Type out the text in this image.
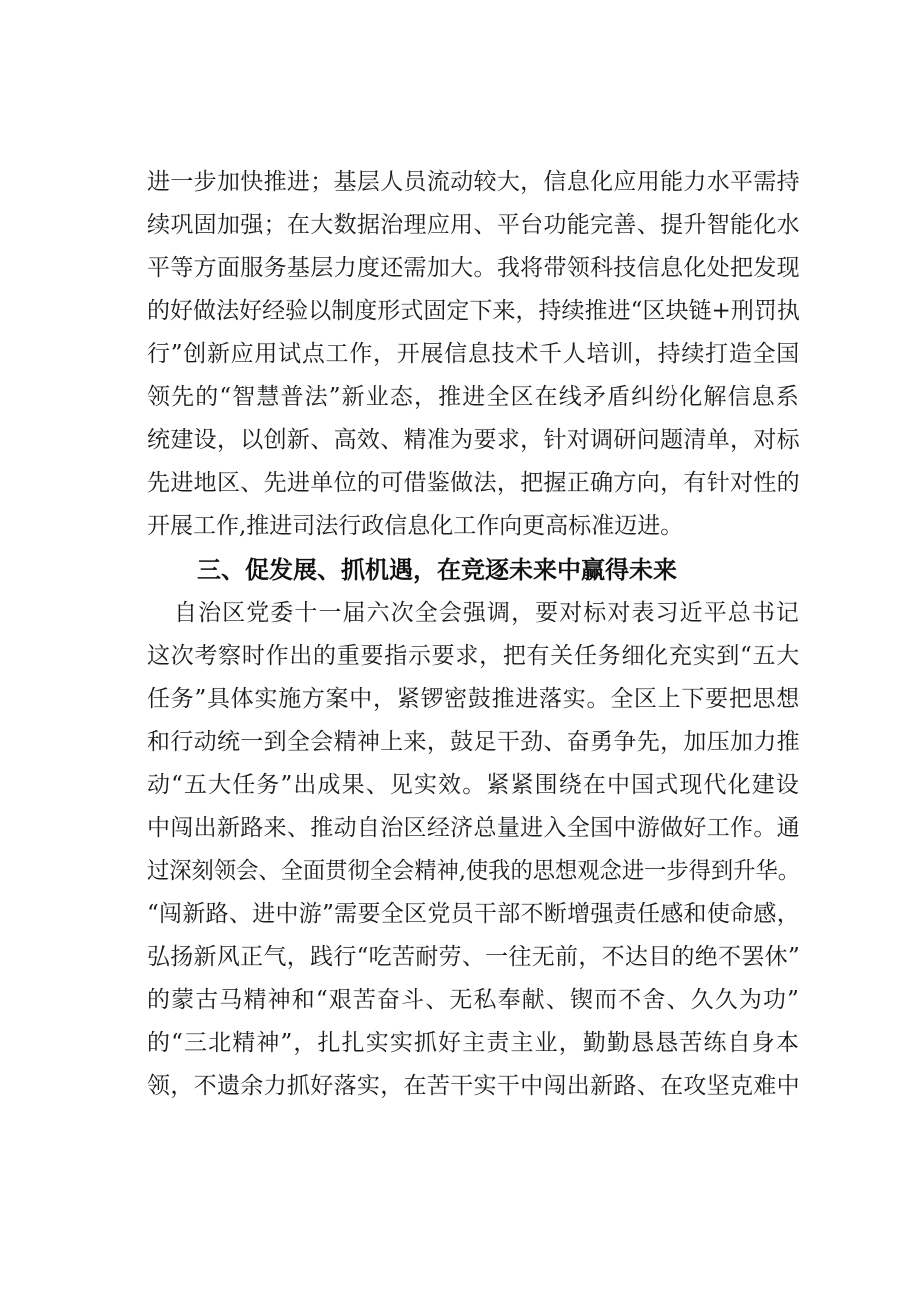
进一步加快推进；基层人员流动较大，信息化应用能力水平需持
续巩固加强；在大数据治理应用、平台功能完善、提升智能化水
平等方面服务基层力度还需加大。我将带领科技信息化处把发现
的好做法好经验以制度形式固定下来，持续推进“区块链+刑罚执
行”创新应用试点工作，开展信息技术千人培训，持续打造全国
领先的“智慧普法”新业态，推进全区在线矛盾纠纷化解信息系
统建设，以创新、高效、精准为要求，针对调研问题清单，对标
先进地区、先进单位的可借鉴做法，把握正确方向，有针对性的
开展工作,推进司法行政信息化工作向更高标准迈进。
三、促发展、抓机遇，在竞逐未来中赢得未来
自治区党委十一届六次全会强调，要对标对表习近平总书记
这次考察时作出的重要指示要求，把有关任务细化充实到“五大
任务”具体实施方案中，紧锣密鼓推进落实。全区上下要把思想
和行动统一到全会精神上来，鼓足干劲、奋勇争先，加压加力推
动“五大任务”出成果、见实效。紧紧围绕在中国式现代化建设
中闯出新路来、推动自治区经济总量进入全国中游做好工作。通
过深刻领会、全面贯彻全会精神,使我的思想观念进一步得到升华。
“闯新路、进中游”需要全区党员干部不断增强责任感和使命感，
弘扬新风正气，践行“吃苦耐劳、一往无前，不达目的绝不罢休”
的蒙古马精神和“艰苦奋斗、无私奉献、锲而不舍、久久为功”
的“三北精神”，扎扎实实抓好主责主业，勤勤恳恳苦练自身本
领，不遗余力抓好落实，在苦干实干中闯出新路、在攻坚克难中
